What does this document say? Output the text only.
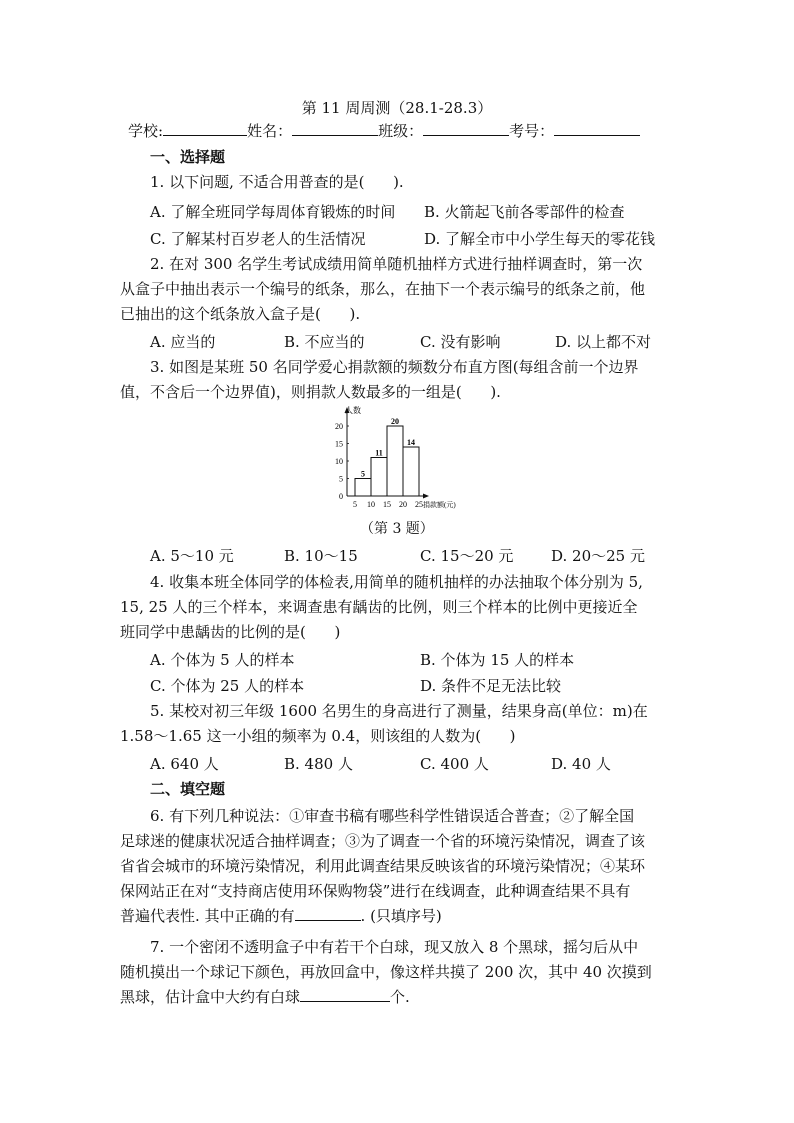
第 11 周周测（28.1-28.3）
学校:	姓名：	班级：	考号：
一、选择题
1. 以下问题, 不适合用普查的是(      ).
A. 了解全班同学每周体育锻炼的时间 B. 火箭起飞前各零部件的检查
C. 了解某村百岁老人的生活情况	D. 了解全市中小学生每天的零花钱
2. 在对 300 名学生考试成绩用简单随机抽样方式进行抽样调查时，第一次
从盒子中抽出表示一个编号的纸条，那么，在抽下一个表示编号的纸条之前，他
已抽出的这个纸条放入盒子是(      ).
A. 应当的	B. 不应当的	C. 没有影响	D. 以上都不对
3. 如图是某班 50 名同学爱心捐款额的频数分布直方图(每组含前一个边界
值，不含后一个边界值)，则捐款人数最多的一组是(      ).
人数
0
5
10
15
20
5
11
20
14
5 10 15 20 25 捐款额(元)
（第 3 题）
A. 5～10 元	B. 10～15	C. 15～20 元	D. 20～25 元
4. 收集本班全体同学的体检表,用简单的随机抽样的办法抽取个体分别为 5,
15, 25 人的三个样本，来调查患有龋齿的比例，则三个样本的比例中更接近全
班同学中患龋齿的比例的是(      )
A. 个体为 5 人的样本	B. 个体为 15 人的样本
C. 个体为 25 人的样本	D. 条件不足无法比较
5. 某校对初三年级 1600 名男生的身高进行了测量，结果身高(单位：m)在
1.58～1.65 这一小组的频率为 0.4，则该组的人数为(      )
A. 640 人	B. 480 人	C. 400 人	D. 40 人
二、填空题
6. 有下列几种说法：①审查书稿有哪些科学性错误适合普查；②了解全国
足球迷的健康状况适合抽样调查；③为了调查一个省的环境污染情况，调查了该
省省会城市的环境污染情况，利用此调查结果反映该省的环境污染情况；④某环
保网站正在对“支持商店使用环保购物袋”进行在线调查，此种调查结果不具有
普遍代表性. 其中正确的有	. (只填序号)
7. 一个密闭不透明盒子中有若干个白球，现又放入 8 个黑球，摇匀后从中
随机摸出一个球记下颜色，再放回盒中，像这样共摸了 200 次，其中 40 次摸到
黑球，估计盒中大约有白球	个.
